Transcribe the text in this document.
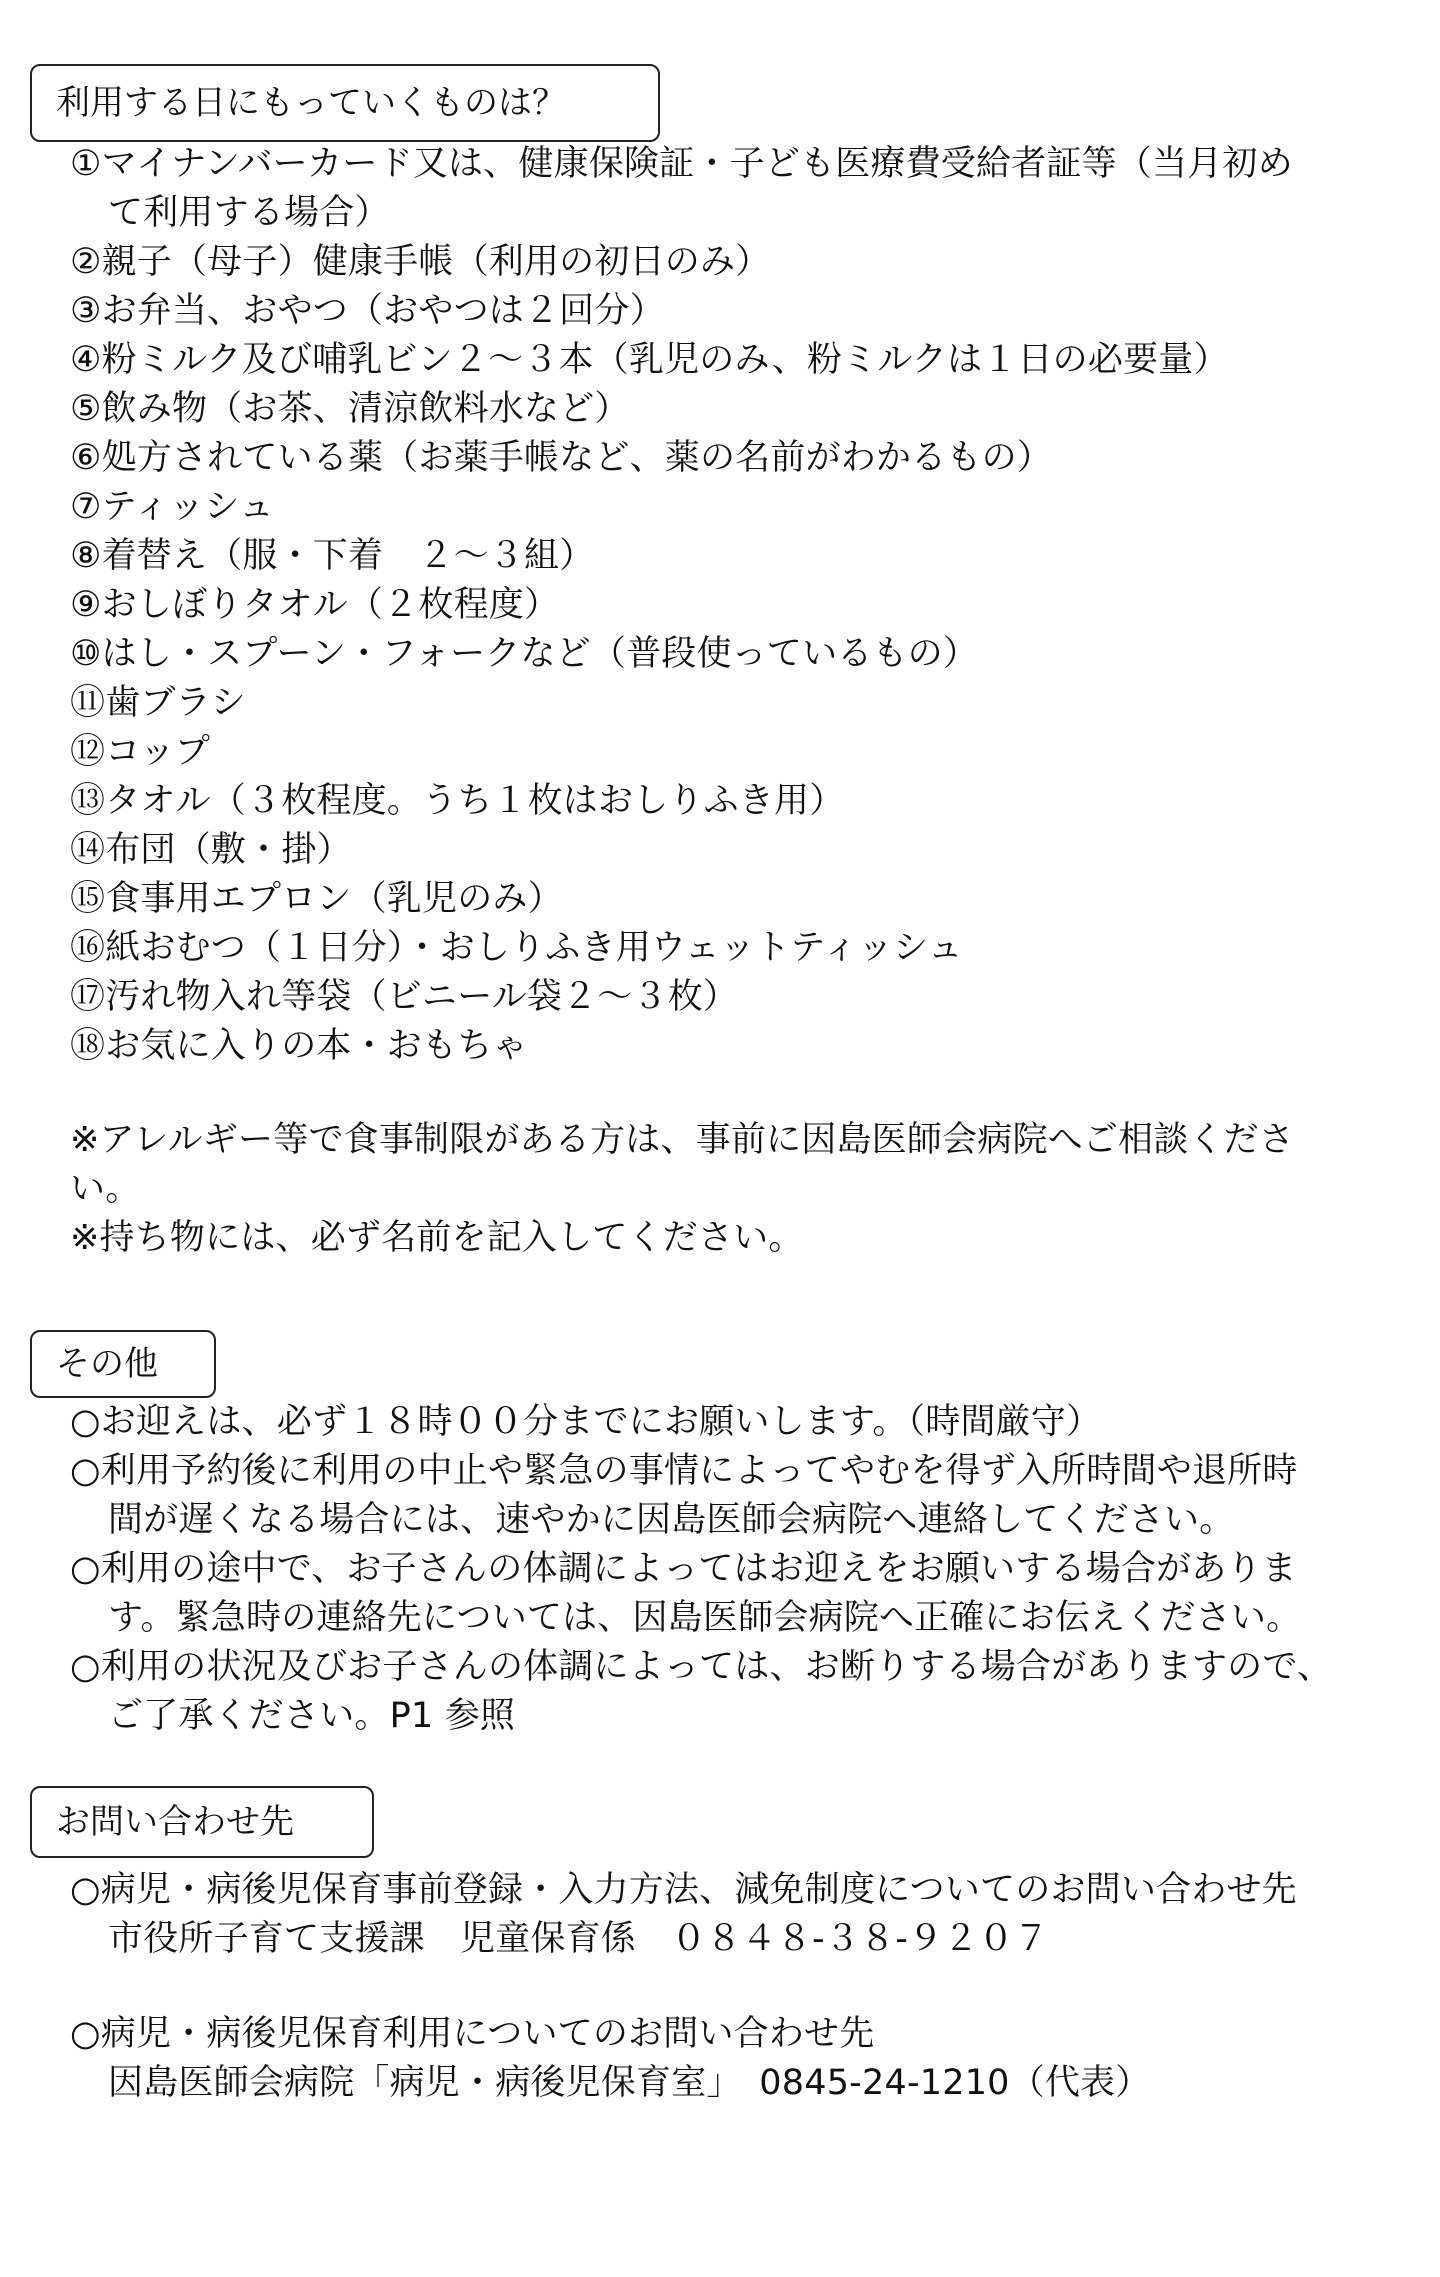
利用する日にもっていくものは？
①マイナンバーカード又は、健康保険証・子ども医療費受給者証等（当月初め
て利用する場合）
②親子（母子）健康手帳（利用の初日のみ）
③お弁当、おやつ（おやつは２回分）
④粉ミルク及び哺乳ビン２～３本（乳児のみ、粉ミルクは１日の必要量）
⑤飲み物（お茶、清涼飲料水など）
⑥処方されている薬（お薬手帳など、薬の名前がわかるもの）
⑦ティッシュ
⑧着替え（服・下着　２～３組）
⑨おしぼりタオル（２枚程度）
⑩はし・スプーン・フォークなど（普段使っているもの）
⑪歯ブラシ
⑫コップ
⑬タオル（３枚程度。うち１枚はおしりふき用）
⑭布団（敷・掛）
⑮食事用エプロン（乳児のみ）
⑯紙おむつ（１日分）・おしりふき用ウェットティッシュ
⑰汚れ物入れ等袋（ビニール袋２～３枚）
⑱お気に入りの本・おもちゃ
※アレルギー等で食事制限がある方は、事前に因島医師会病院へご相談くださ
い。
※持ち物には、必ず名前を記入してください。
その他
○お迎えは、必ず１８時００分までにお願いします。（時間厳守）
○利用予約後に利用の中止や緊急の事情によってやむを得ず入所時間や退所時
間が遅くなる場合には、速やかに因島医師会病院へ連絡してください。
○利用の途中で、お子さんの体調によってはお迎えをお願いする場合がありま
す。緊急時の連絡先については、因島医師会病院へ正確にお伝えください。
○利用の状況及びお子さんの体調によっては、お断りする場合がありますので、
ご了承ください。P1 参照
お問い合わせ先
○病児・病後児保育事前登録・入力方法、減免制度についてのお問い合わせ先
市役所子育て支援課　児童保育係　０８４８-３８-９２０７
○病児・病後児保育利用についてのお問い合わせ先
因島医師会病院「病児・病後児保育室」　0845-24-1210（代表）
